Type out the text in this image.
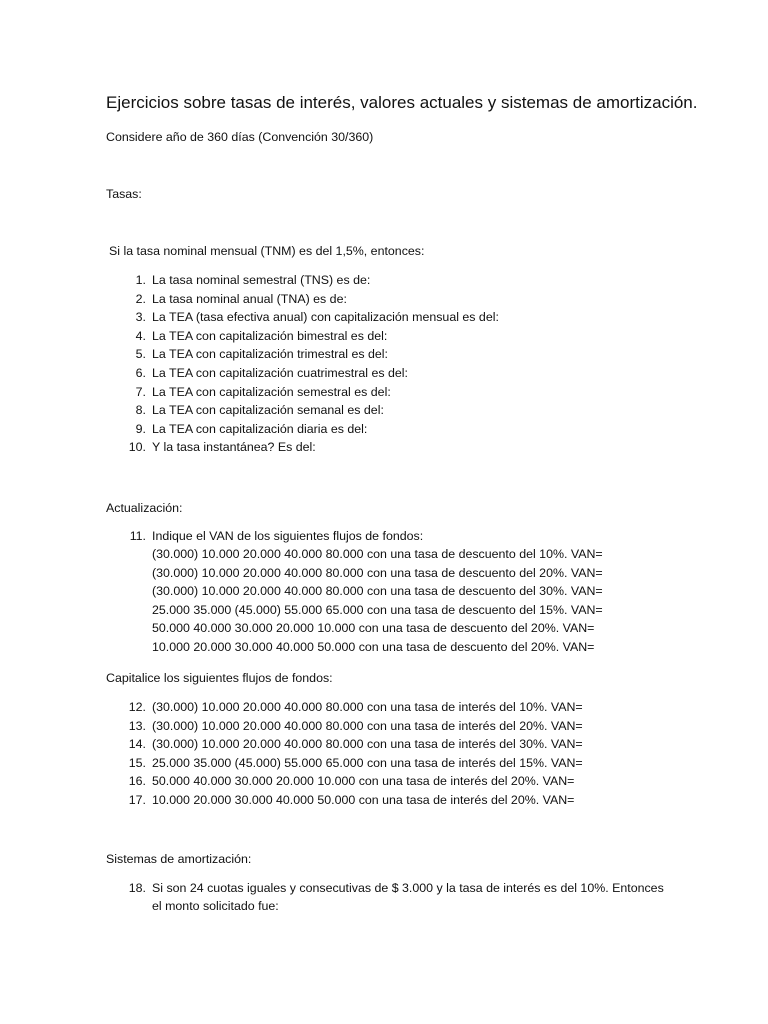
Ejercicios sobre tasas de interés, valores actuales y sistemas de amortización.
Considere año de 360 días (Convención 30/360)
Tasas:
Si la tasa nominal mensual (TNM) es del 1,5%, entonces:
1. La tasa nominal semestral (TNS) es de:
2. La tasa nominal anual (TNA) es de:
3. La TEA (tasa efectiva anual) con capitalización mensual es del:
4. La TEA con capitalización bimestral es del:
5. La TEA con capitalización trimestral es del:
6. La TEA con capitalización cuatrimestral es del:
7. La TEA con capitalización semestral es del:
8. La TEA con capitalización semanal es del:
9. La TEA con capitalización diaria es del:
10. Y la tasa instantánea? Es del:
Actualización:
11. Indique el VAN de los siguientes flujos de fondos:
(30.000) 10.000 20.000 40.000 80.000 con una tasa de descuento del 10%. VAN=
(30.000) 10.000 20.000 40.000 80.000 con una tasa de descuento del 20%. VAN=
(30.000) 10.000 20.000 40.000 80.000 con una tasa de descuento del 30%. VAN=
25.000 35.000 (45.000) 55.000 65.000 con una tasa de descuento del 15%. VAN=
50.000 40.000 30.000 20.000 10.000 con una tasa de descuento del 20%. VAN=
10.000 20.000 30.000 40.000 50.000 con una tasa de descuento del 20%. VAN=
Capitalice los siguientes flujos de fondos:
12. (30.000) 10.000 20.000 40.000 80.000 con una tasa de interés del 10%. VAN=
13. (30.000) 10.000 20.000 40.000 80.000 con una tasa de interés del 20%. VAN=
14. (30.000) 10.000 20.000 40.000 80.000 con una tasa de interés del 30%. VAN=
15. 25.000 35.000 (45.000) 55.000 65.000 con una tasa de interés del 15%. VAN=
16. 50.000 40.000 30.000 20.000 10.000 con una tasa de interés del 20%. VAN=
17. 10.000 20.000 30.000 40.000 50.000 con una tasa de interés del 20%. VAN=
Sistemas de amortización:
18. Si son 24 cuotas iguales y consecutivas de $ 3.000 y la tasa de interés es del 10%. Entonces el monto solicitado fue:
